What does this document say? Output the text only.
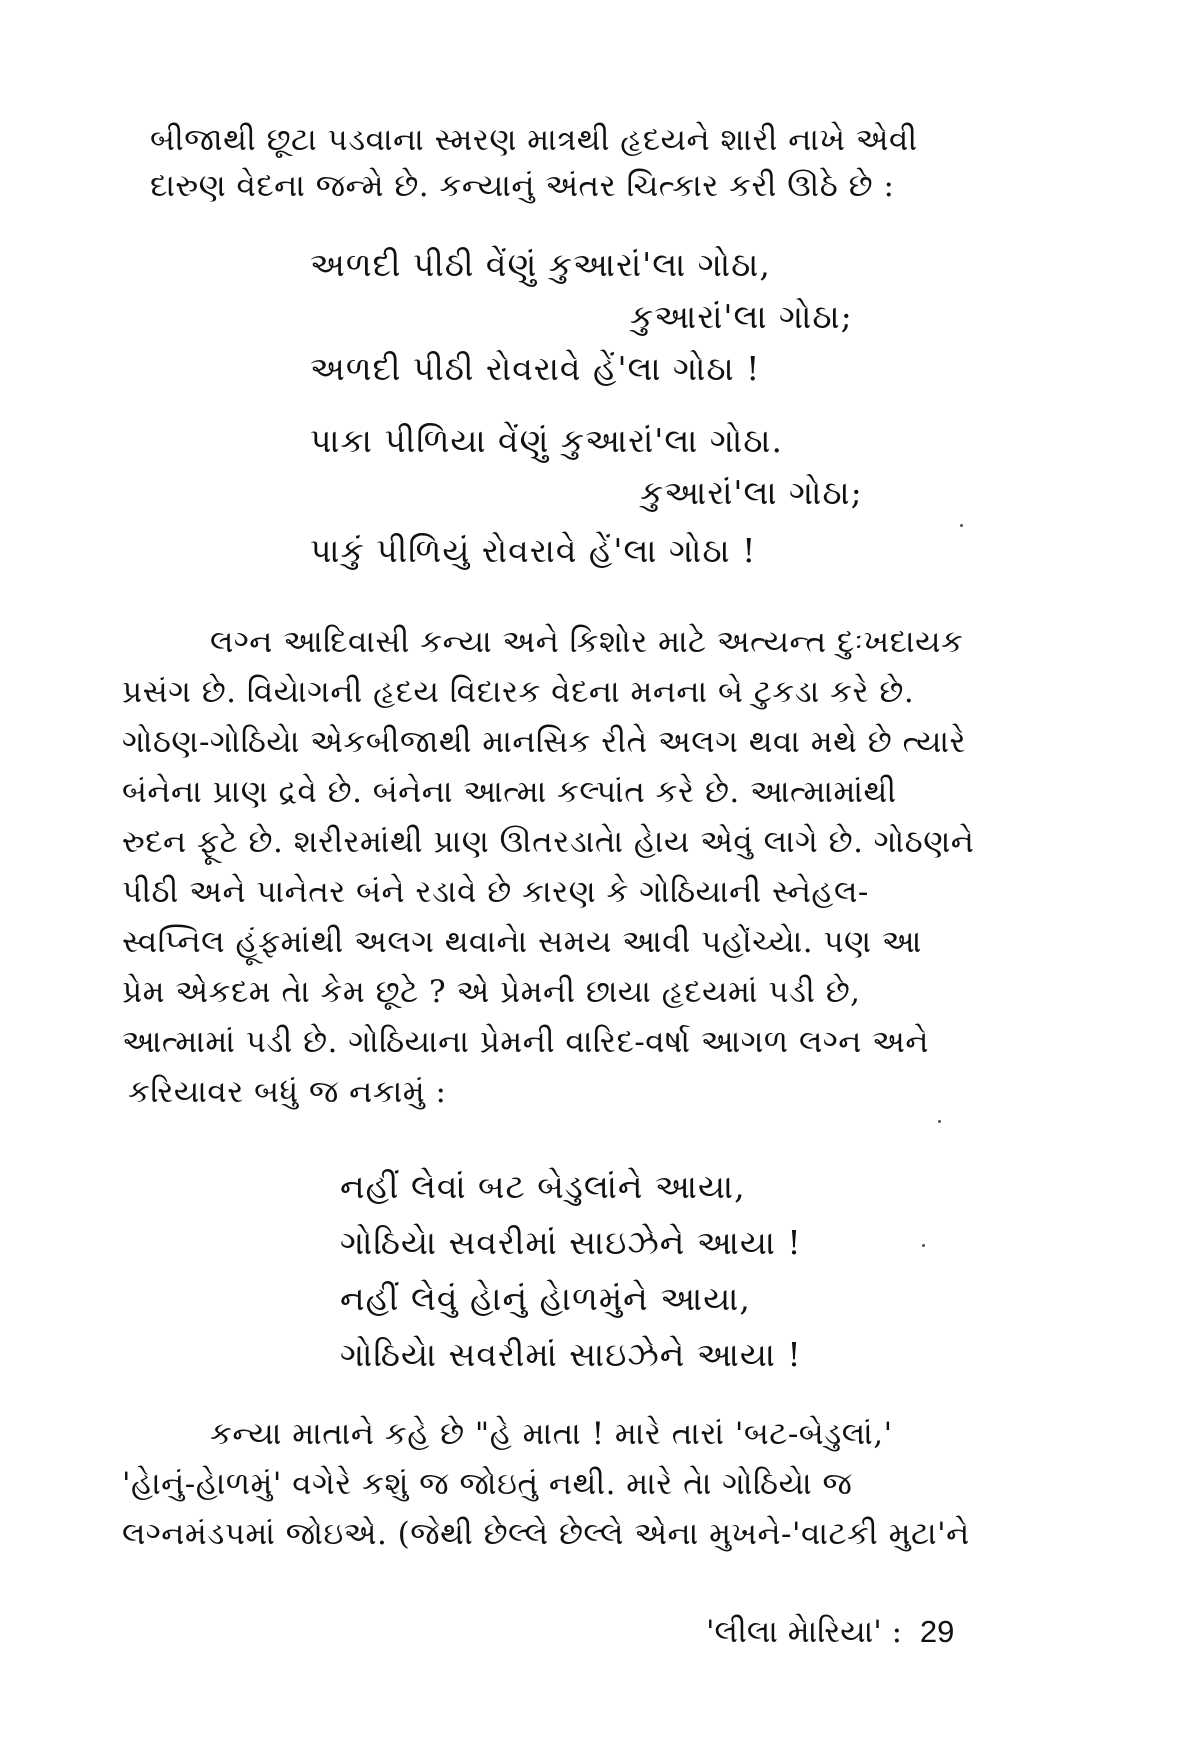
બીજાથી છૂટા પડવાના સ્મરણ માત્રથી હૃદયને શારી નાખે એવી
દારુણ વેદના જન્મે છે. કન્યાનું અંતર ચિત્કાર કરી ઊઠે છે :
અળદી પીઠી વેંણું કુઆરાં'લા ગોઠા,
કુઆરાં'લા ગોઠા;
અળદી પીઠી રોવરાવે હેં'લા ગોઠા !
પાકા પીળિયા વેંણું કુઆરાં'લા ગોઠા.
કુઆરાં'લા ગોઠા;
પાકું પીળિયું રોવરાવે હેં'લા ગોઠા !
લગ્ન આદિવાસી કન્યા અને કિશોર માટે અત્યન્ત દુઃખદાયક
પ્રસંગ છે. વિયેાગની હૃદય વિદારક વેદના મનના બે ટુકડા કરે છે.
ગોઠણ-ગોઠિયેા એકબીજાથી માનસિક રીતે અલગ થવા મથે છે ત્યારે
બંનેના પ્રાણ દ્રવે છે. બંનેના આત્મા કલ્પાંત કરે છે. આત્મામાંથી
રુદન ફૂટે છે. શરીરમાંથી પ્રાણ ઊતરડાતેા હેાય એવું લાગે છે. ગોઠણને
પીઠી અને પાનેતર બંને રડાવે છે કારણ કે ગોઠિયાની સ્નેહલ-
સ્વપ્નિલ હૂંફમાંથી અલગ થવાનેા સમય આવી પહોંચ્યેા. પણ આ
પ્રેમ એકદમ તેા કેમ છૂટે ? એ પ્રેમની છાયા હૃદયમાં પડી છે,
આત્મામાં પડી છે. ગોઠિયાના પ્રેમની વારિદ-વર્ષા આગળ લગ્ન અને
કરિયાવર બધું જ નકામું :
નહીં લેવાં બટ બેડુલાંને આયા,
ગોઠિયેા સવરીમાં સાઇઝેને આયા !
નહીં લેવું હેાનું હેાળમુંને આયા,
ગોઠિયેા સવરીમાં સાઇઝેને આયા !
કન્યા માતાને કહે છે "હે માતા ! મારે તારાં 'બટ-બેડુલાં,'
'હેાનું-હેાળમું' વગેરે કશું જ જોઇતું નથી. મારે તેા ગોઠિયેા જ
લગ્નમંડપમાં જોઇએ. (જેથી છેલ્લે છેલ્લે એના મુખને-'વાટકી મુટા'ને
'લીલા મેારિયા' : 29
